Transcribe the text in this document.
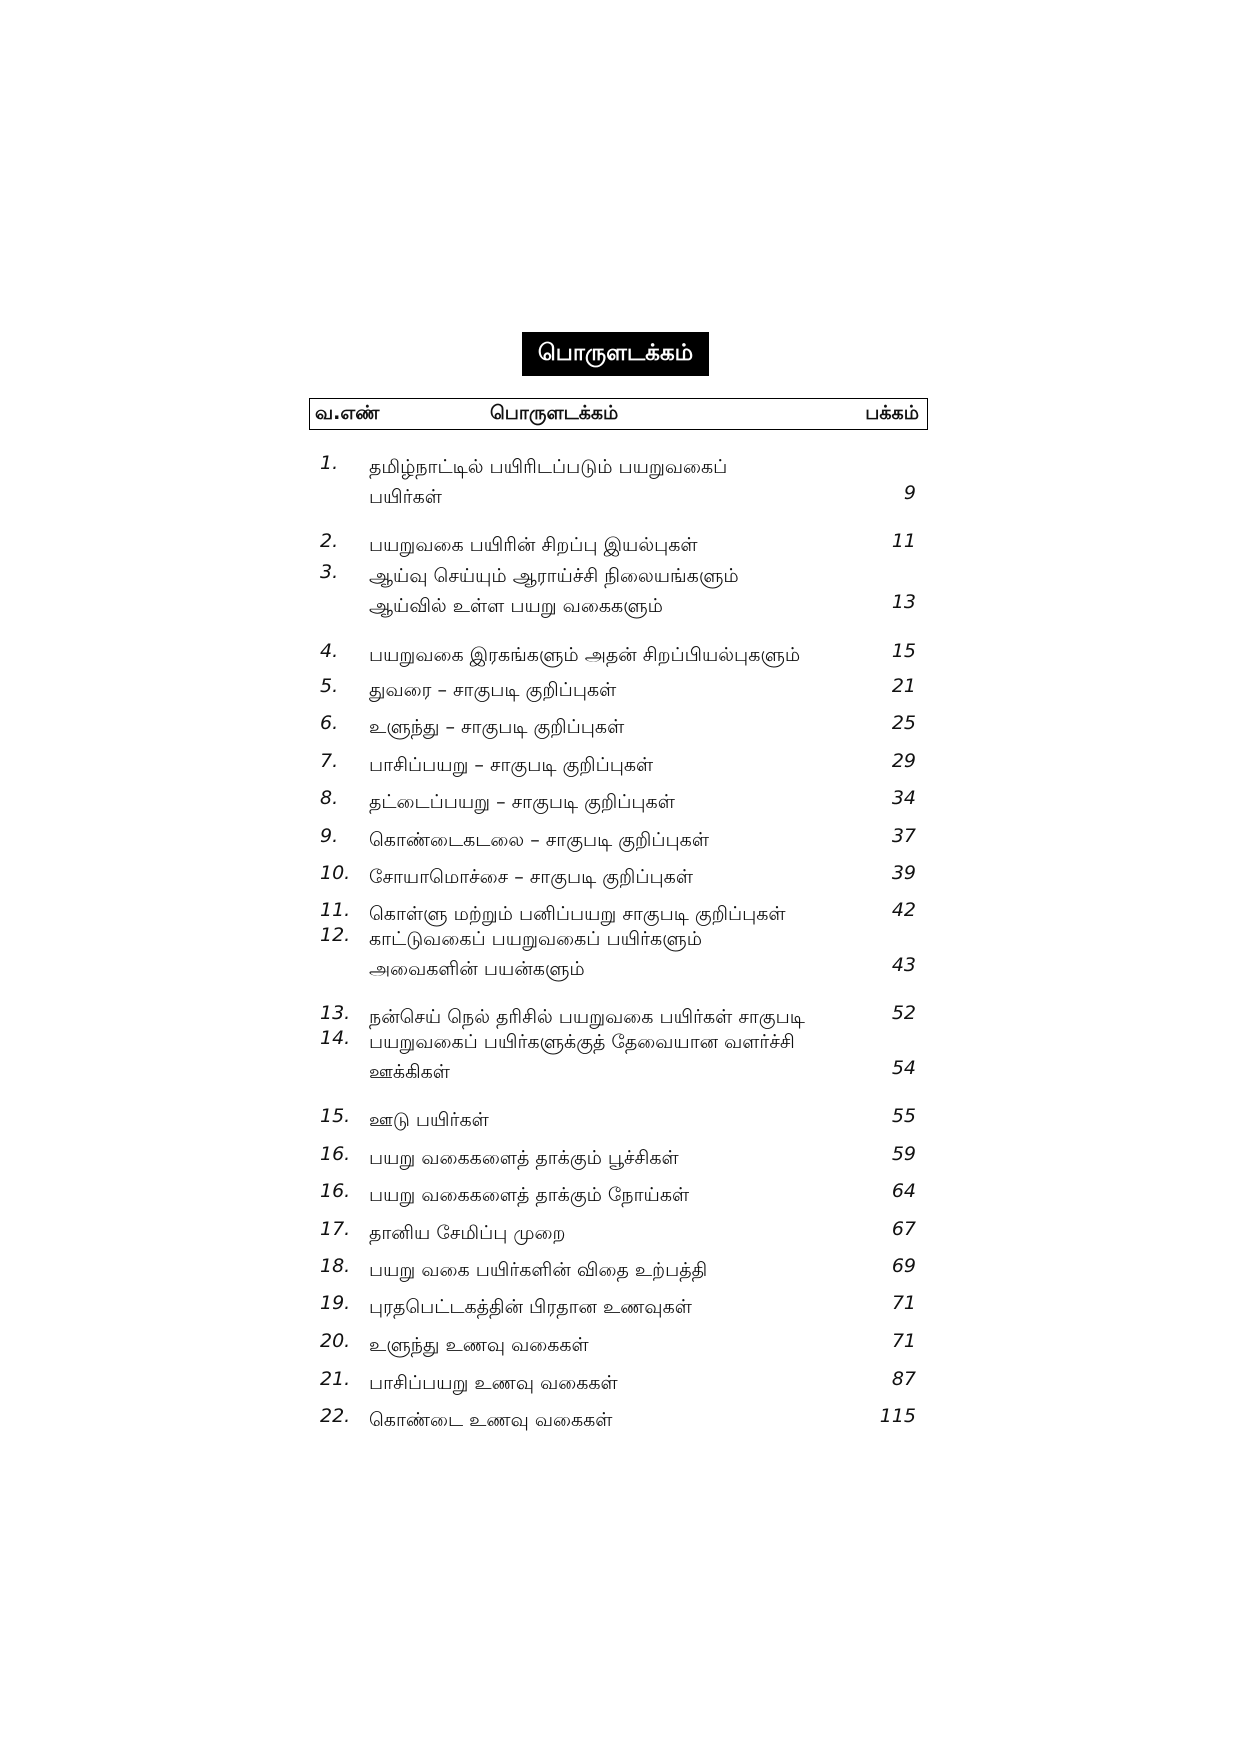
பொருளடக்கம்
வ.எண்	பொருளடக்கம்	பக்கம்
1. தமிழ்நாட்டில் பயிரிடப்படும் பயறுவகைப்
பயிர்கள்	9
2. பயறுவகை பயிரின் சிறப்பு இயல்புகள்	11
3. ஆய்வு செய்யும் ஆராய்ச்சி நிலையங்களும்
ஆய்வில் உள்ள பயறு வகைகளும்	13
4. பயறுவகை இரகங்களும் அதன் சிறப்பியல்புகளும்	15
5. துவரை – சாகுபடி குறிப்புகள்	21
6. உளுந்து – சாகுபடி குறிப்புகள்	25
7. பாசிப்பயறு – சாகுபடி குறிப்புகள்	29
8. தட்டைப்பயறு – சாகுபடி குறிப்புகள்	34
9. கொண்டைகடலை – சாகுபடி குறிப்புகள்	37
10. சோயாமொச்சை – சாகுபடி குறிப்புகள்	39
11. கொள்ளு மற்றும் பனிப்பயறு சாகுபடி குறிப்புகள்	42
12. காட்டுவகைப் பயறுவகைப் பயிர்களும்
அவைகளின் பயன்களும்	43
13. நன்செய் நெல் தரிசில் பயறுவகை பயிர்கள் சாகுபடி	52
14. பயறுவகைப் பயிர்களுக்குத் தேவையான வளர்ச்சி
ஊக்கிகள்	54
15. ஊடு பயிர்கள்	55
16. பயறு வகைகளைத் தாக்கும் பூச்சிகள்	59
16. பயறு வகைகளைத் தாக்கும் நோய்கள்	64
17. தானிய சேமிப்பு முறை	67
18. பயறு வகை பயிர்களின் விதை உற்பத்தி	69
19. புரதபெட்டகத்தின் பிரதான உணவுகள்	71
20. உளுந்து உணவு வகைகள்	71
21. பாசிப்பயறு உணவு வகைகள்	87
22. கொண்டை உணவு வகைகள்	115
